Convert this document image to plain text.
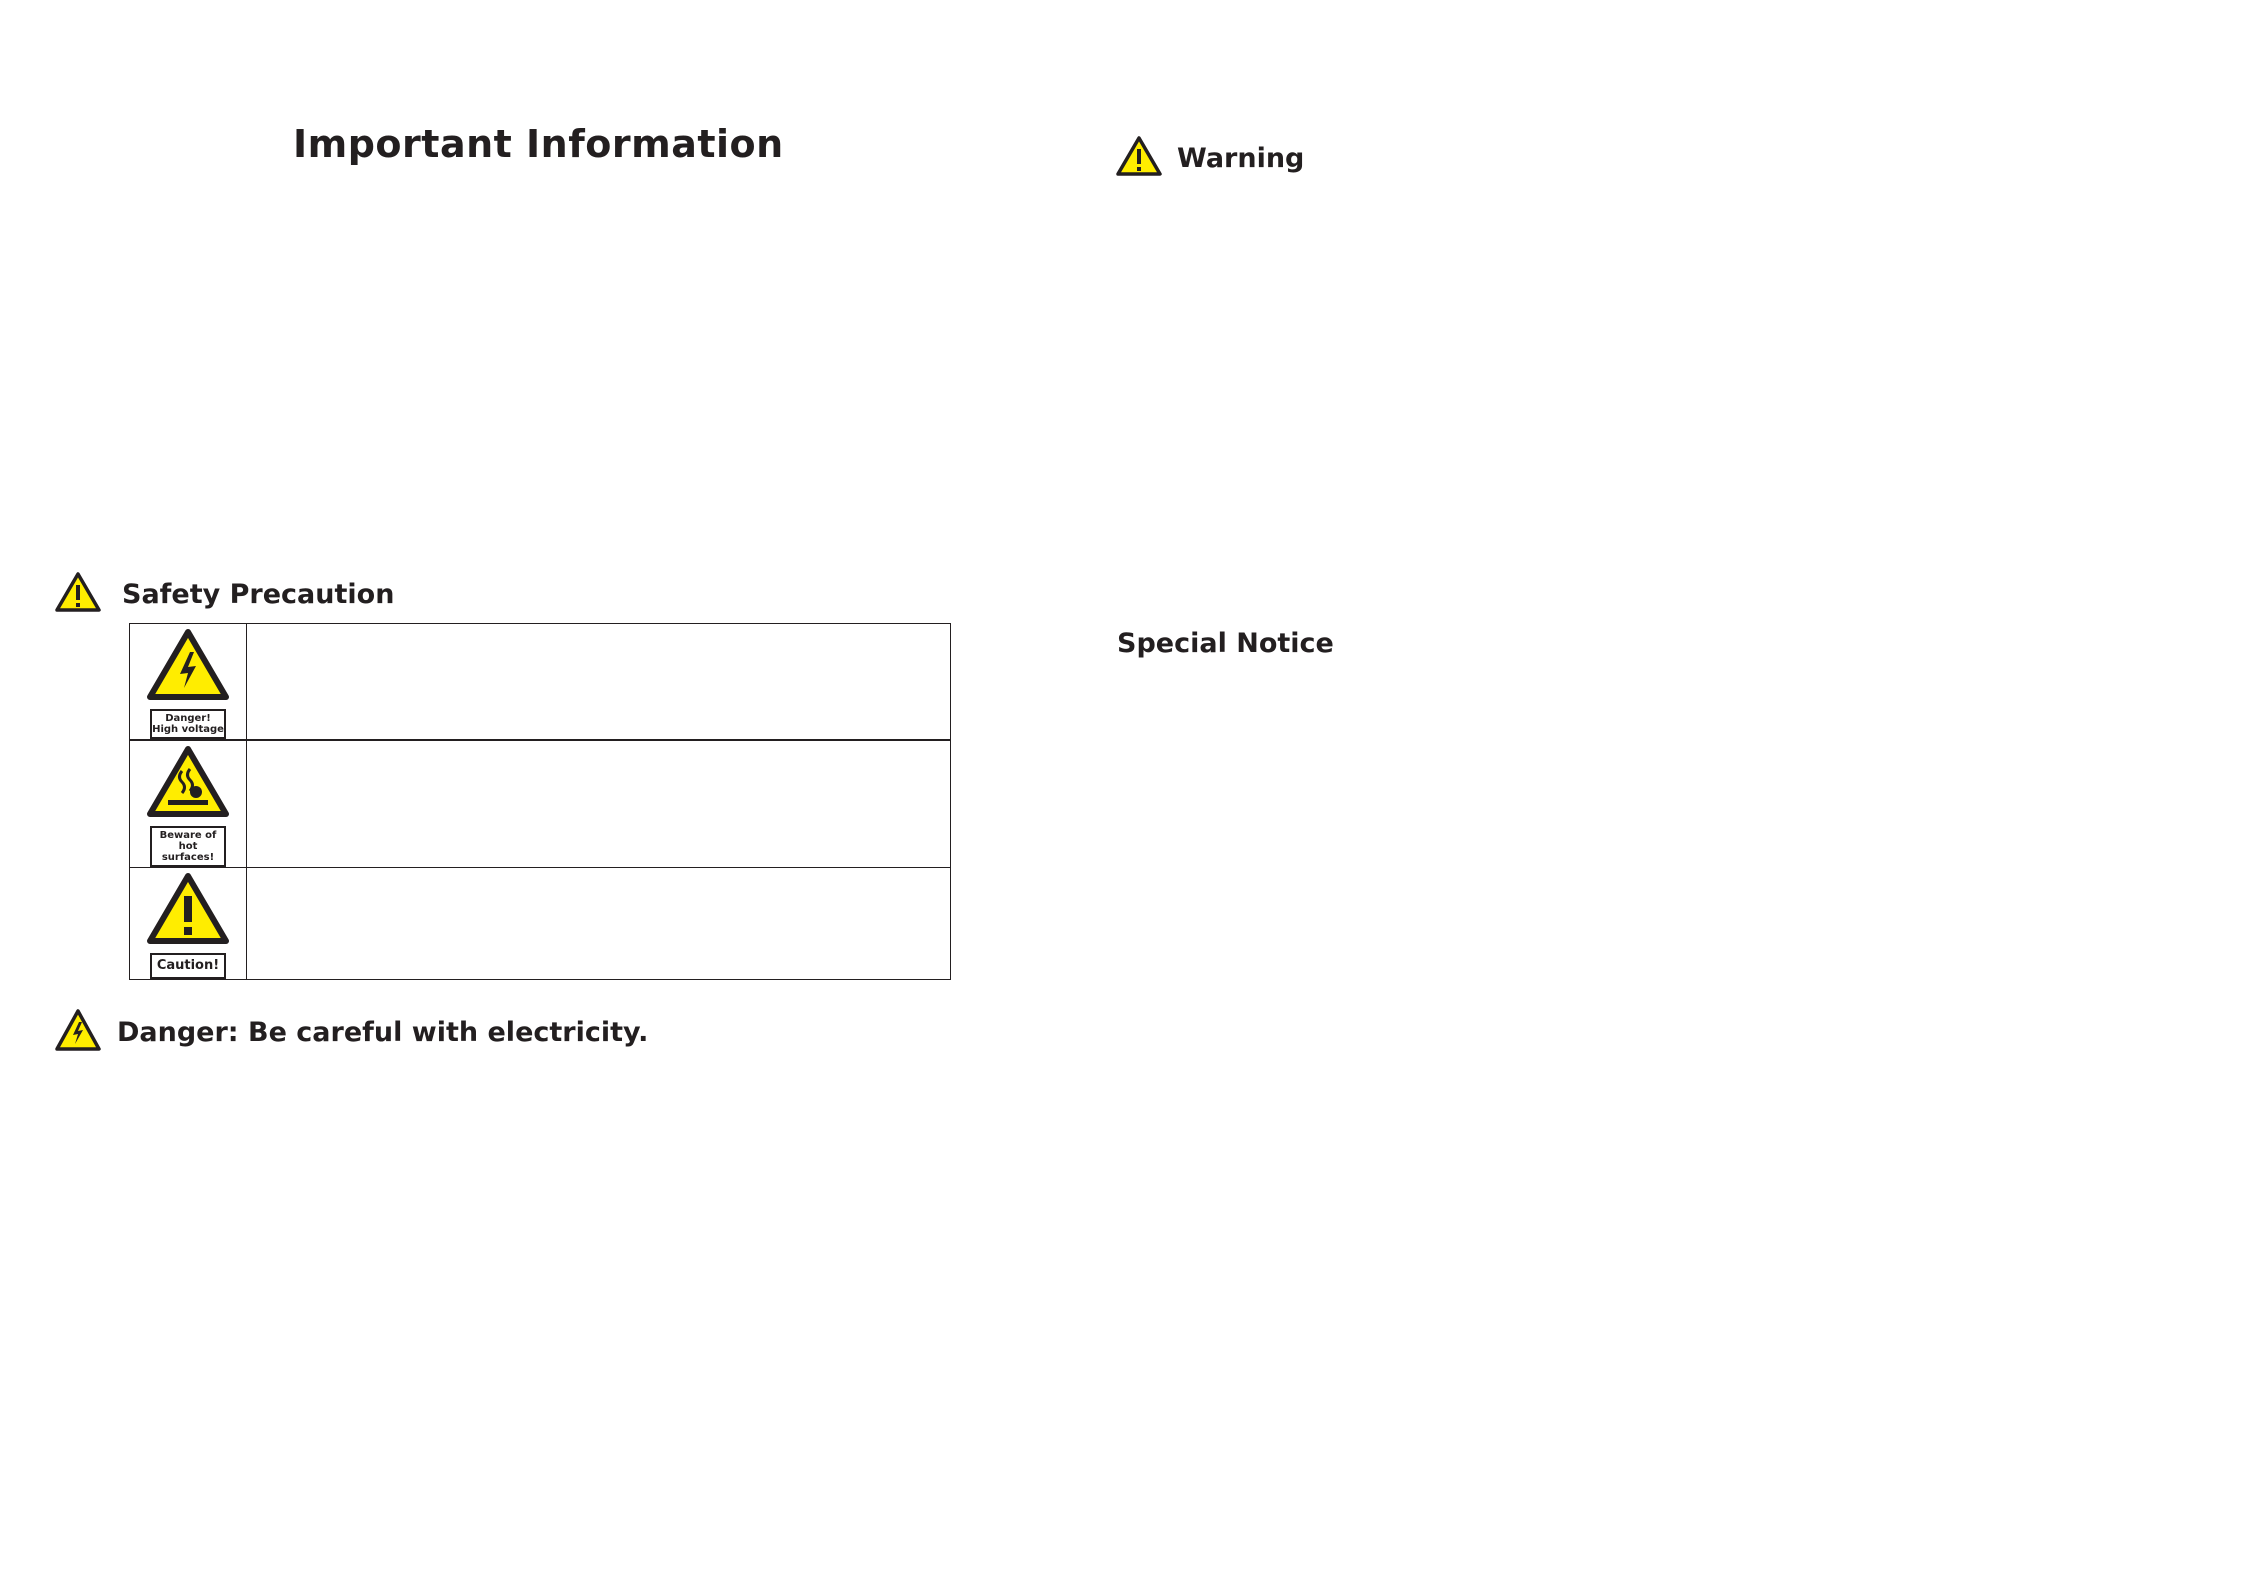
Important Information
Safety Precaution
Danger!
High voltage	

Beware of
hot surfaces!	

Caution!	

Danger: Be careful with electricity.
Warning
Special Notice
